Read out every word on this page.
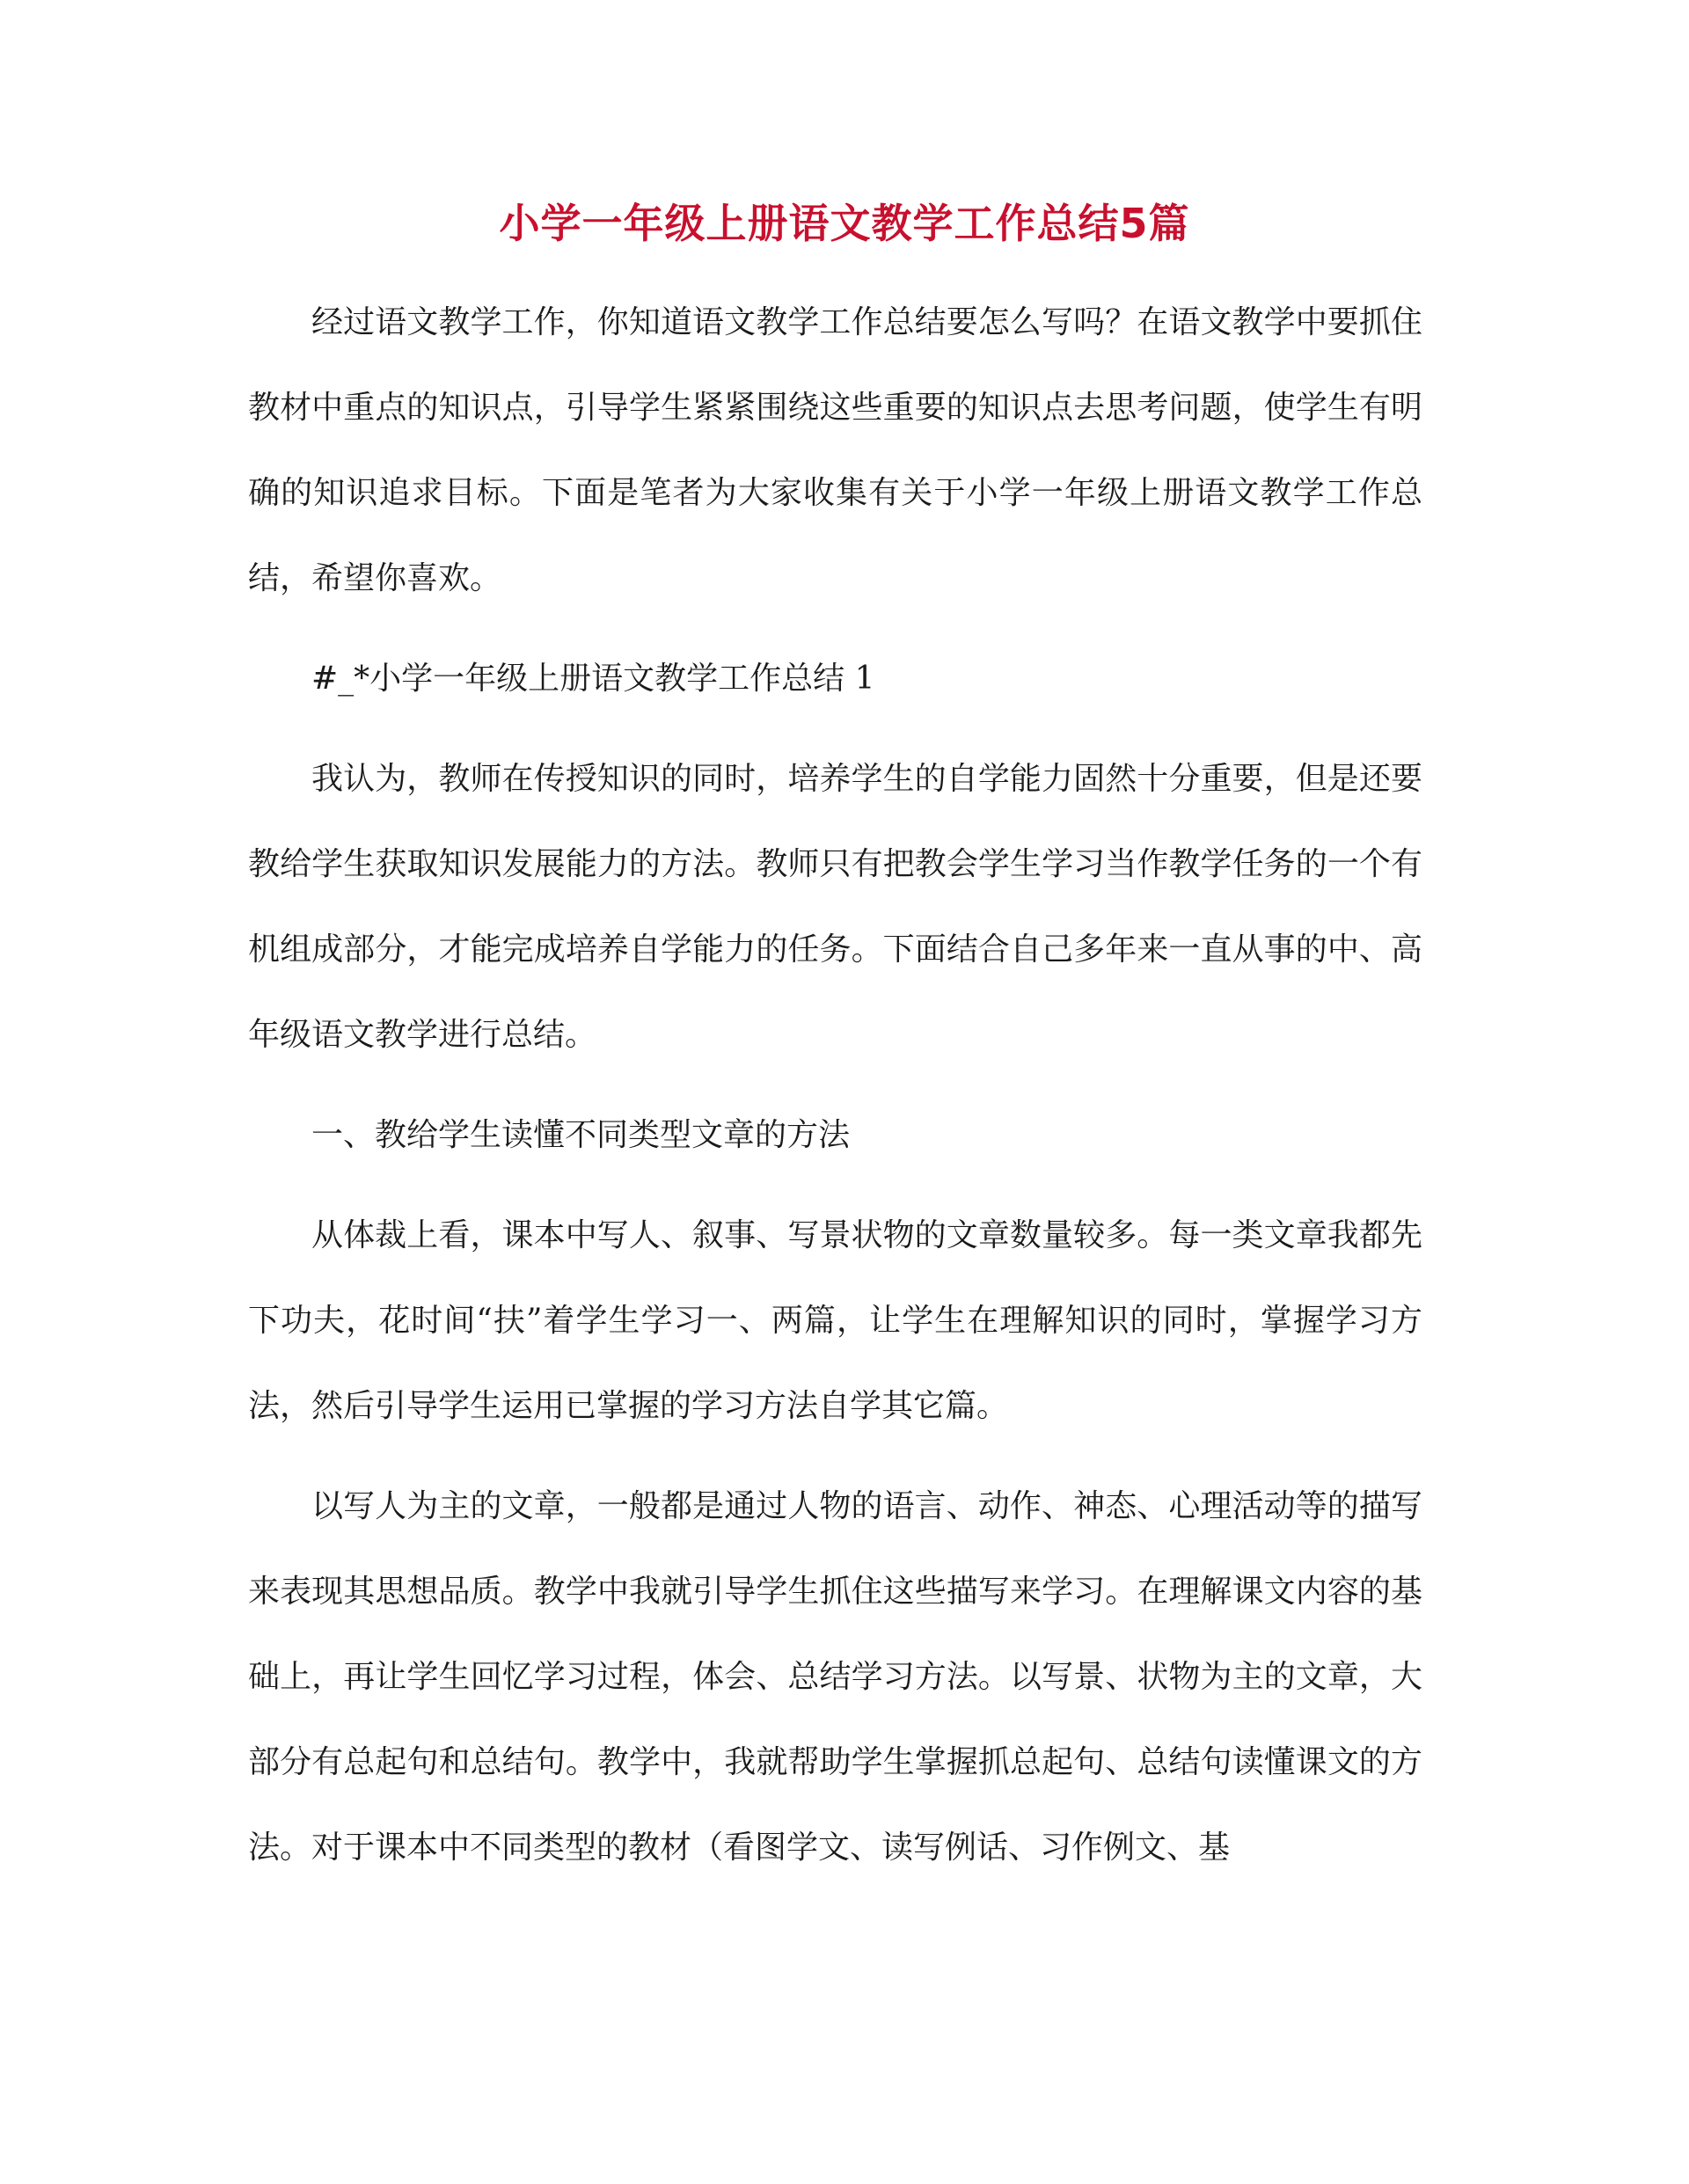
小学一年级上册语文教学工作总结5篇

经过语文教学工作，你知道语文教学工作总结要怎么写吗？在语文教学中要抓住教材中重点的知识点，引导学生紧紧围绕这些重要的知识点去思考问题，使学生有明确的知识追求目标。下面是笔者为大家收集有关于小学一年级上册语文教学工作总结，希望你喜欢。

#_*小学一年级上册语文教学工作总结 1

我认为，教师在传授知识的同时，培养学生的自学能力固然十分重要，但是还要教给学生获取知识发展能力的方法。教师只有把教会学生学习当作教学任务的一个有机组成部分，才能完成培养自学能力的任务。下面结合自己多年来一直从事的中、高年级语文教学进行总结。

一、教给学生读懂不同类型文章的方法

从体裁上看，课本中写人、叙事、写景状物的文章数量较多。每一类文章我都先下功夫，花时间“扶”着学生学习一、两篇，让学生在理解知识的同时，掌握学习方法，然后引导学生运用已掌握的学习方法自学其它篇。

以写人为主的文章，一般都是通过人物的语言、动作、神态、心理活动等的描写来表现其思想品质。教学中我就引导学生抓住这些描写来学习。在理解课文内容的基础上，再让学生回忆学习过程，体会、总结学习方法。以写景、状物为主的文章，大部分有总起句和总结句。教学中，我就帮助学生掌握抓总起句、总结句读懂课文的方法。对于课本中不同类型的教材（看图学文、读写例话、习作例文、基
